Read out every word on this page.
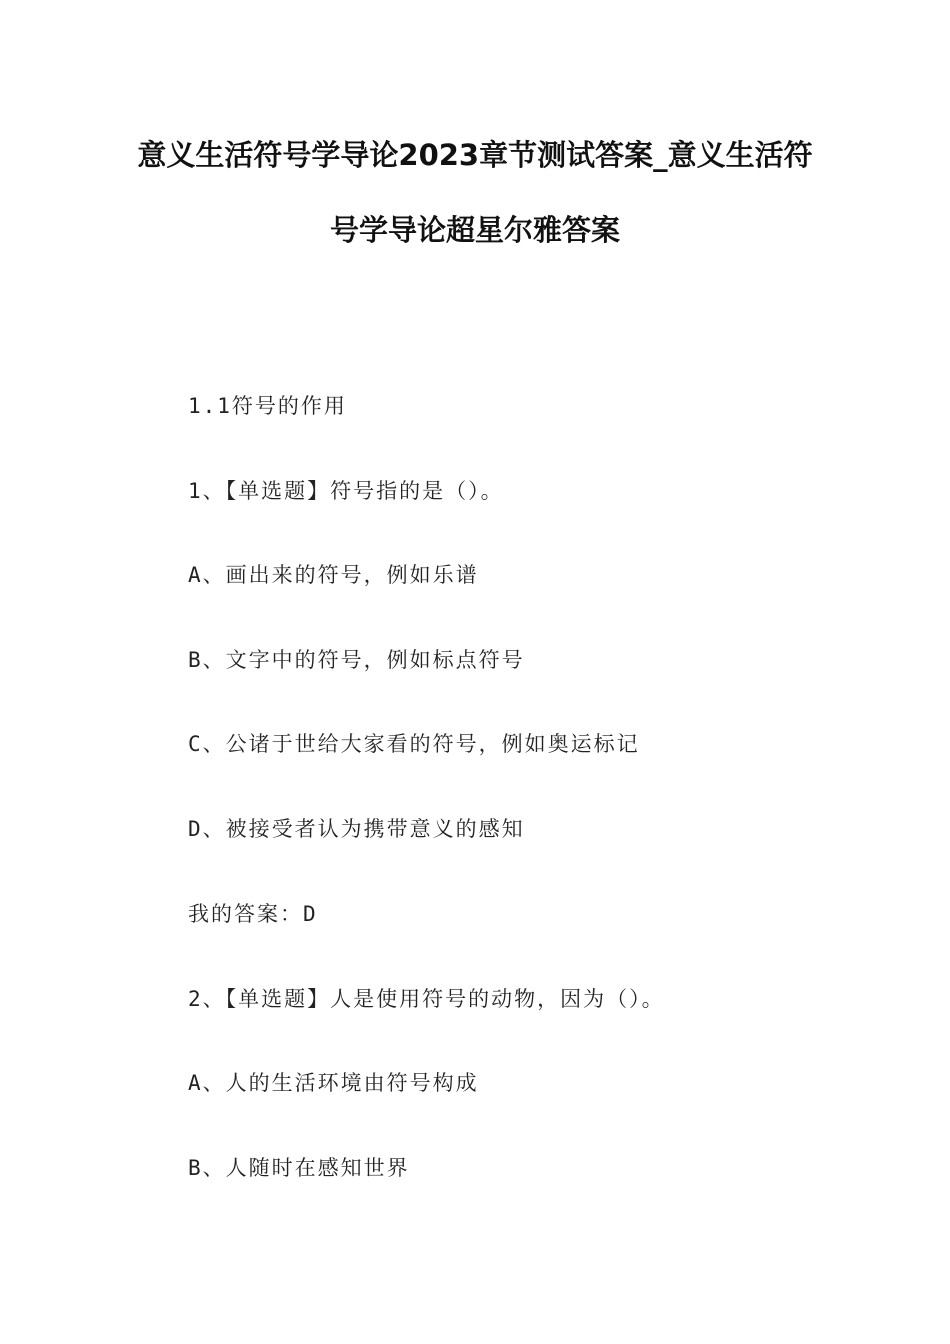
意义生活符号学导论2023章节测试答案_意义生活符
号学导论超星尔雅答案
1.1符号的作用
1、【单选题】符号指的是（）。
A、画出来的符号，例如乐谱
B、文字中的符号，例如标点符号
C、公诸于世给大家看的符号，例如奥运标记
D、被接受者认为携带意义的感知
我的答案：D
2、【单选题】人是使用符号的动物，因为（）。
A、人的生活环境由符号构成
B、人随时在感知世界
